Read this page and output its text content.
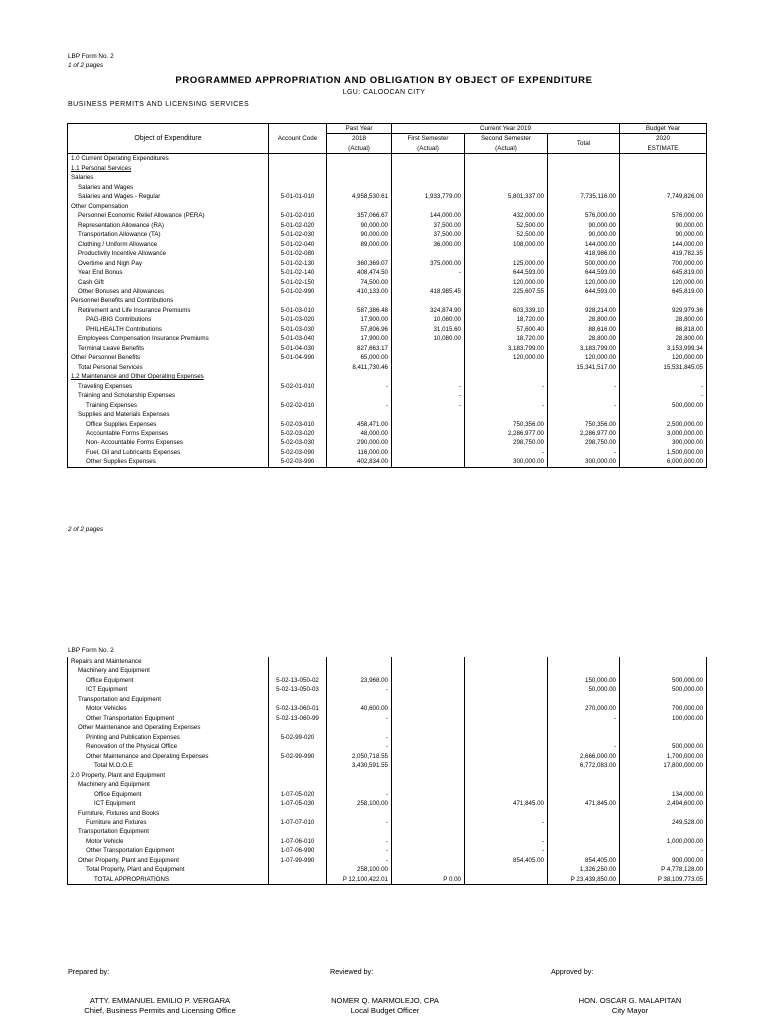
LBP Form No. 2
1 of 2 pages
PROGRAMMED APPROPRIATION AND OBLIGATION BY OBJECT OF EXPENDITURE
LGU: CALOOCAN CITY
BUSINESS PERMITS AND LICENSING SERVICES
Object of Expenditure	Account Code	Past Year	Current Year 2019			Budget Year
		2018	First Semester	Second Semester	Total	2020
		(Actual)	(Actual)	(Actual)		ESTIMATE
1.0 Current Operating Expenditures						
1.1 Personal Services						
Salaries						
Salaries and Wages						
Salaries and Wages - Regular	5-01-01-010	4,958,530.61	1,933,779.00	5,801,337.00	7,735,116.00	7,749,826.00
Other Compensation						
Personnel Economic Relief Allowance (PERA)	5-01-02-010	357,066.67	144,000.00	432,000.00	576,000.00	576,000.00
Representation Allowance (RA)	5-01-02-020	90,000.00	37,500.00	52,500.00	90,000.00	90,000.00
Transportation Allowance (TA)	5-01-02-030	90,000.00	37,500.00	52,500.00	90,000.00	90,000.00
Clothing / Uniform Allowance	5-01-02-040	89,000.00	36,000.00	108,000.00	144,000.00	144,000.00
Productivity Incentive Allowance	5-01-02-080				418,986.00	419,782.35
Overtime and Nigh Pay	5-01-02-130	360,369.07	375,000.00	125,000.00	500,000.00	700,000.00
Year End Bonus	5-01-02-140	408,474.50	-	644,593.00	644,593.00	645,819.00
Cash Gift	5-01-02-150	74,500.00		120,000.00	120,000.00	120,000.00
Other Bonuses and Allowances	5-01-02-990	410,133.00	418,985.45	225,607.55	644,593.00	645,819.00
Personnel Benefits and Contributions						
Retirement and Life Insurance Premiums	5-01-03-010	587,386.48	324,874.90	603,339.10	928,214.00	929,979.36
PAG-IBIG Contributions	5-01-03-020	17,900.00	10,080.00	18,720.00	28,800.00	28,800.00
PHILHEALTH Contributions	5-01-03-030	57,806.96	31,015.60	57,600.40	88,616.00	88,818.00
Employees Compensation Insurance Premiums	5-01-03-040	17,900.00	10,080.00	18,720.00	28,800.00	28,800.00
Terminal Leave Benefits	5-01-04-030	827,663.17		3,183,799.00	3,183,799.00	3,153,999.34
Other Personnel Benefits	5-01-04-990	65,000.00		120,000.00	120,000.00	120,000.00
Total Personal Services		8,411,730.46			15,341,517.00	15,531,845.05
1.2 Maintenance and Other Operating Expenses						
Traveling Expenses	5-02-01-010	-	-	-	-	-
Training and Scholarship Expenses			-			-
Training Expenses	5-02-02-010	-	-	-	-	500,000.00
Supplies and Materials Expenses						
Office Supplies Expenses	5-02-03-010	458,471.00		750,356.00	750,356.00	2,500,000.00
Accountable Forms Expenses	5-02-03-020	48,000.00		2,286,977.00	2,286,977.00	3,000,000.00
Non- Accountable Forms Expenses	5-02-03-030	290,000.00		298,750.00	298,750.00	300,000.00
Fuel, Oil and Lubricants Expenses	5-02-03-090	116,000.00		-	-	1,500,000.00
Other Supplies Expenses	5-02-03-990	402,834.00		300,000.00	300,000.00	6,000,000.00
2 of 2 pages
LBP Form No. 2
Repairs and Maintenance						
Machinery and Equipment						
Office Equipment	5-02-13-050-02	23,968.00			150,000.00	500,000.00
ICT Equipment	5-02-13-050-03	-			50,000.00	500,000.00
Transportation and Equipment						
Motor Vehicles	5-02-13-060-01	40,600.00			270,000.00	700,000.00
Other Transportation Equipment	5-02-13-060-99	-			-	100,000.00
Other Maintenance and Operating Expenses						
Printing and Publication Expenses	5-02-99-020	-				
Renovation of the Physical Office		-			-	500,000.00
Other Maintenance and Operating Expenses	5-02-99-990	2,050,718.55			2,666,000.00	1,700,000.00
Total M.O.O.E		3,430,591.55			6,772,083.00	17,800,000.00
2.0 Property, Plant and Equipment						
Machinery and Equipment						
Office Equipment	1-07-05-020	-				134,000.00
ICT Equipment	1-07-05-030	258,100.00		471,845.00	471,845.00	2,494,600.00
Furniture, Fixtures and Books						
Furniture and Fixtures	1-07-07-010	-		-		249,528.00
Transportation Equipment						
Motor Vehicle	1-07-06-010	-		-		1,000,000.00
Other Transportation Equipment	1-07-06-990	-		-		-
Other Property, Plant and Equipment	1-07-99-990	-		854,405.00	854,405.00	900,000.00
Total Property, Plant and Equipment		258,100.00			1,326,250.00	P 4,778,128.00
TOTAL APPROPRIATIONS		P 12,100,422.01	P 0.00		P 23,439,850.00	P 38,109,773.05
Prepared by:	Reviewed by:	Approved by:
ATTY. EMMANUEL EMILIO P. VERGARA
Chief, Business Permits and Licensing Office
NOMER Q. MARMOLEJO, CPA
Local Budget Officer
HON. OSCAR G. MALAPITAN
City Mayor
